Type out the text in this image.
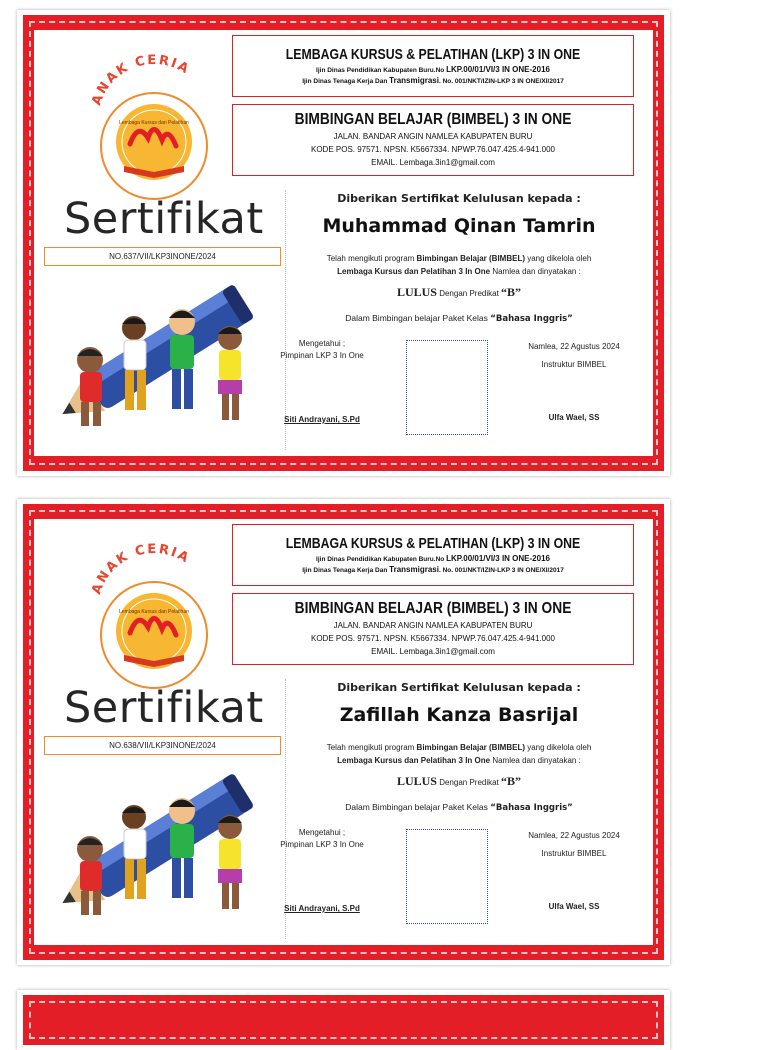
ANAK CERIA
Lembaga Kursus dan Pelatihan
Sertifikat
NO.637/VII/LKP3INONE/2024
LEMBAGA KURSUS & PELATIHAN (LKP) 3 IN ONE
Ijin Dinas Pendidikan Kabupaten Buru.No LKP.00/01/VI/3 IN ONE-2016
Ijin Dinas Tenaga Kerja Dan Transmigrasi. No. 001/NKT/IZIN-LKP 3 IN ONE/XI/2017
BIMBINGAN BELAJAR (BIMBEL) 3 IN ONE
JALAN. BANDAR ANGIN NAMLEA KABUPATEN BURU
KODE POS. 97571. NPSN. K5667334. NPWP.76.047.425.4-941.000
EMAIL. Lembaga.3in1@gmail.com
Diberikan Sertifikat Kelulusan kepada :
Muhammad Qinan Tamrin
Telah mengikuti program Bimbingan Belajar (BIMBEL) yang dikelola oleh
Lembaga Kursus dan Pelatihan 3 In One Namlea dan dinyatakan :
LULUS Dengan Predikat “B”
Dalam Bimbingan belajar Paket Kelas “Bahasa Inggris”
Mengetahui ;
Pimpinan LKP 3 In One
Namlea, 22 Agustus 2024
Instruktur BIMBEL
Siti Andrayani, S.Pd	Ulfa Wael, SS
ANAK CERIA
Lembaga Kursus dan Pelatihan
Sertifikat
NO.638/VII/LKP3INONE/2024
LEMBAGA KURSUS & PELATIHAN (LKP) 3 IN ONE
Ijin Dinas Pendidikan Kabupaten Buru.No LKP.00/01/VI/3 IN ONE-2016
Ijin Dinas Tenaga Kerja Dan Transmigrasi. No. 001/NKT/IZIN-LKP 3 IN ONE/XI/2017
BIMBINGAN BELAJAR (BIMBEL) 3 IN ONE
JALAN. BANDAR ANGIN NAMLEA KABUPATEN BURU
KODE POS. 97571. NPSN. K5667334. NPWP.76.047.425.4-941.000
EMAIL. Lembaga.3in1@gmail.com
Diberikan Sertifikat Kelulusan kepada :
Zafillah Kanza Basrijal
Telah mengikuti program Bimbingan Belajar (BIMBEL) yang dikelola oleh
Lembaga Kursus dan Pelatihan 3 In One Namlea dan dinyatakan :
LULUS Dengan Predikat “B”
Dalam Bimbingan belajar Paket Kelas “Bahasa Inggris”
Mengetahui ;
Pimpinan LKP 3 In One
Namlea, 22 Agustus 2024
Instruktur BIMBEL
Siti Andrayani, S.Pd	Ulfa Wael, SS
